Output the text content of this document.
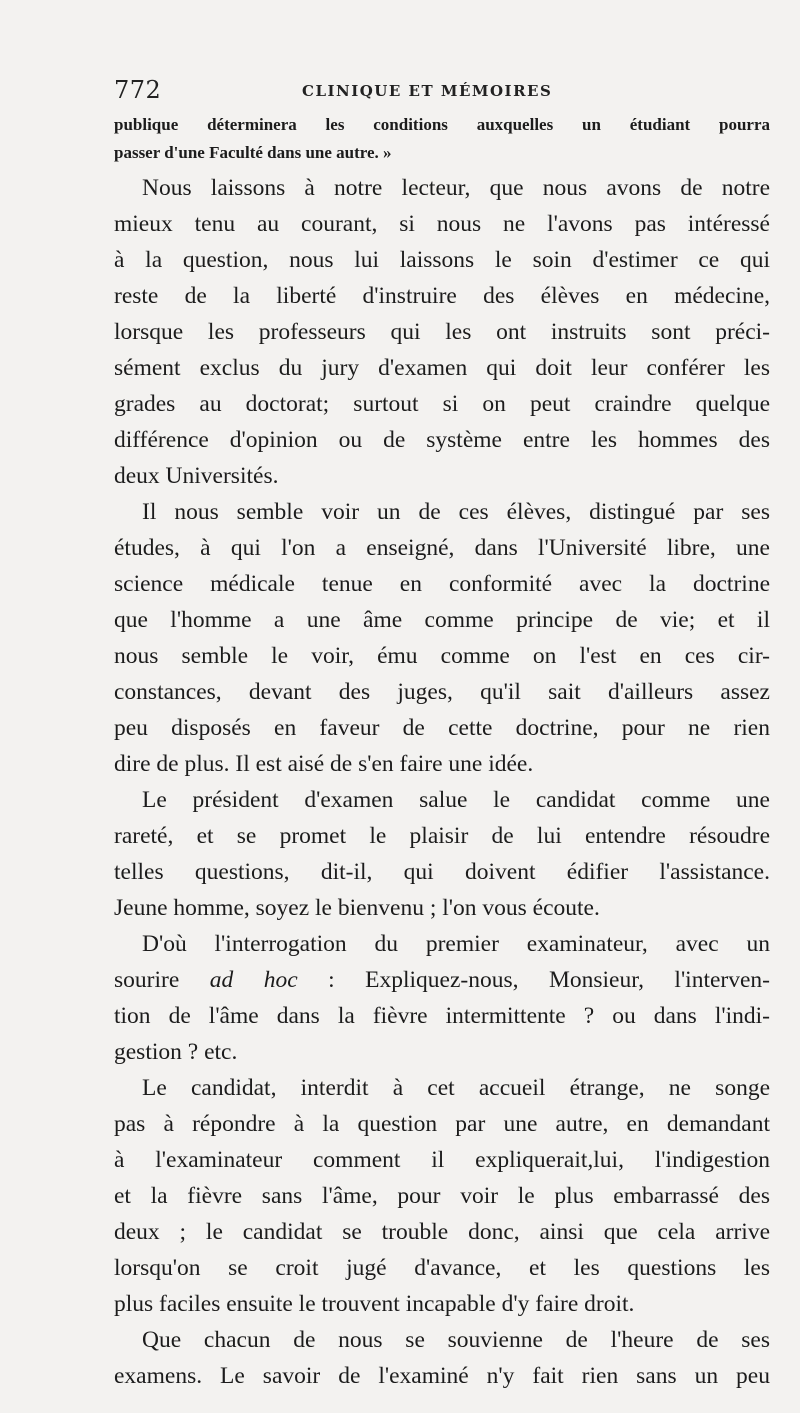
772	CLINIQUE ET MÉMOIRES
publique déterminera les conditions auxquelles un étudiant pourra
passer d'une Faculté dans une autre. »
Nous laissons à notre lecteur, que nous avons de notre
mieux tenu au courant, si nous ne l'avons pas intéressé
à la question, nous lui laissons le soin d'estimer ce qui
reste de la liberté d'instruire des élèves en médecine,
lorsque les professeurs qui les ont instruits sont préci-
sément exclus du jury d'examen qui doit leur conférer les
grades au doctorat; surtout si on peut craindre quelque
différence d'opinion ou de système entre les hommes des
deux Universités.
Il nous semble voir un de ces élèves, distingué par ses
études, à qui l'on a enseigné, dans l'Université libre, une
science médicale tenue en conformité avec la doctrine
que l'homme a une âme comme principe de vie; et il
nous semble le voir, ému comme on l'est en ces cir-
constances, devant des juges, qu'il sait d'ailleurs assez
peu disposés en faveur de cette doctrine, pour ne rien
dire de plus. Il est aisé de s'en faire une idée.
Le président d'examen salue le candidat comme une
rareté, et se promet le plaisir de lui entendre résoudre
telles questions, dit-il, qui doivent édifier l'assistance.
Jeune homme, soyez le bienvenu ; l'on vous écoute.
D'où l'interrogation du premier examinateur, avec un
sourire ad hoc : Expliquez-nous, Monsieur, l'interven-
tion de l'âme dans la fièvre intermittente ? ou dans l'indi-
gestion ? etc.
Le candidat, interdit à cet accueil étrange, ne songe
pas à répondre à la question par une autre, en demandant
à l'examinateur comment il expliquerait,lui, l'indigestion
et la fièvre sans l'âme, pour voir le plus embarrassé des
deux ; le candidat se trouble donc, ainsi que cela arrive
lorsqu'on se croit jugé d'avance, et les questions les
plus faciles ensuite le trouvent incapable d'y faire droit.
Que chacun de nous se souvienne de l'heure de ses
examens. Le savoir de l'examiné n'y fait rien sans un peu
